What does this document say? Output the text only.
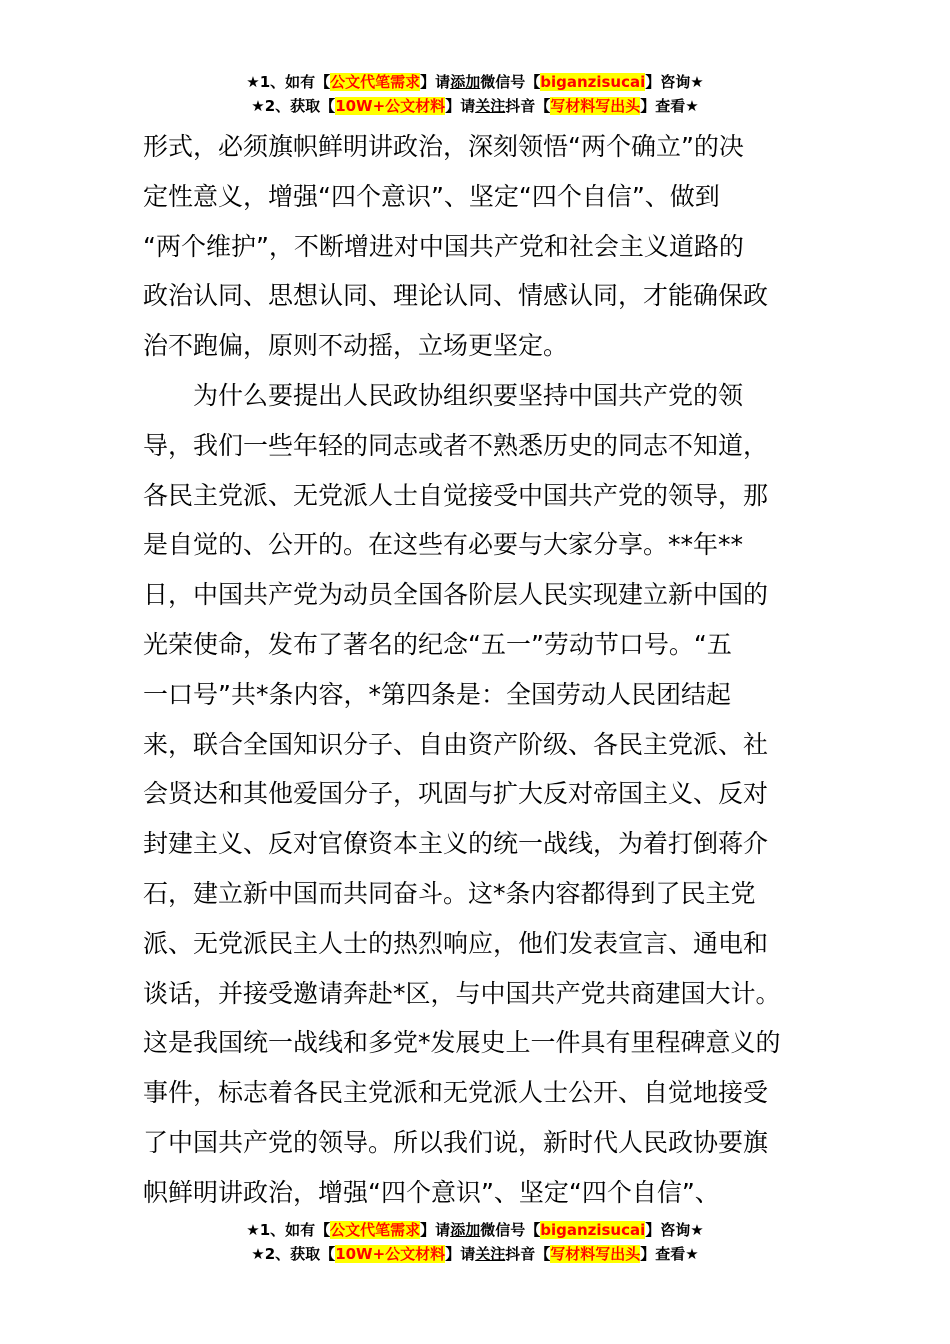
★1、如有【公文代笔需求】请添加微信号【biganzisucai】咨询★
★2、获取【10W+公文材料】请关注抖音【写材料写出头】查看★
形式，必须旗帜鲜明讲政治，深刻领悟“两个确立”的决
定性意义，增强“四个意识”、坚定“四个自信”、做到
“两个维护”，不断增进对中国共产党和社会主义道路的
政治认同、思想认同、理论认同、情感认同，才能确保政
治不跑偏，原则不动摇，立场更坚定。
　　为什么要提出人民政协组织要坚持中国共产党的领
导，我们一些年轻的同志或者不熟悉历史的同志不知道，
各民主党派、无党派人士自觉接受中国共产党的领导，那
是自觉的、公开的。在这些有必要与大家分享。**年**
日，中国共产党为动员全国各阶层人民实现建立新中国的
光荣使命，发布了著名的纪念“五一”劳动节口号。“五
一口号”共*条内容，*第四条是：全国劳动人民团结起
来，联合全国知识分子、自由资产阶级、各民主党派、社
会贤达和其他爱国分子，巩固与扩大反对帝国主义、反对
封建主义、反对官僚资本主义的统一战线，为着打倒蒋介
石，建立新中国而共同奋斗。这*条内容都得到了民主党
派、无党派民主人士的热烈响应，他们发表宣言、通电和
谈话，并接受邀请奔赴*区，与中国共产党共商建国大计。
这是我国统一战线和多党*发展史上一件具有里程碑意义的
事件，标志着各民主党派和无党派人士公开、自觉地接受
了中国共产党的领导。所以我们说，新时代人民政协要旗
帜鲜明讲政治，增强“四个意识”、坚定“四个自信”、
★1、如有【公文代笔需求】请添加微信号【biganzisucai】咨询★
★2、获取【10W+公文材料】请关注抖音【写材料写出头】查看★
